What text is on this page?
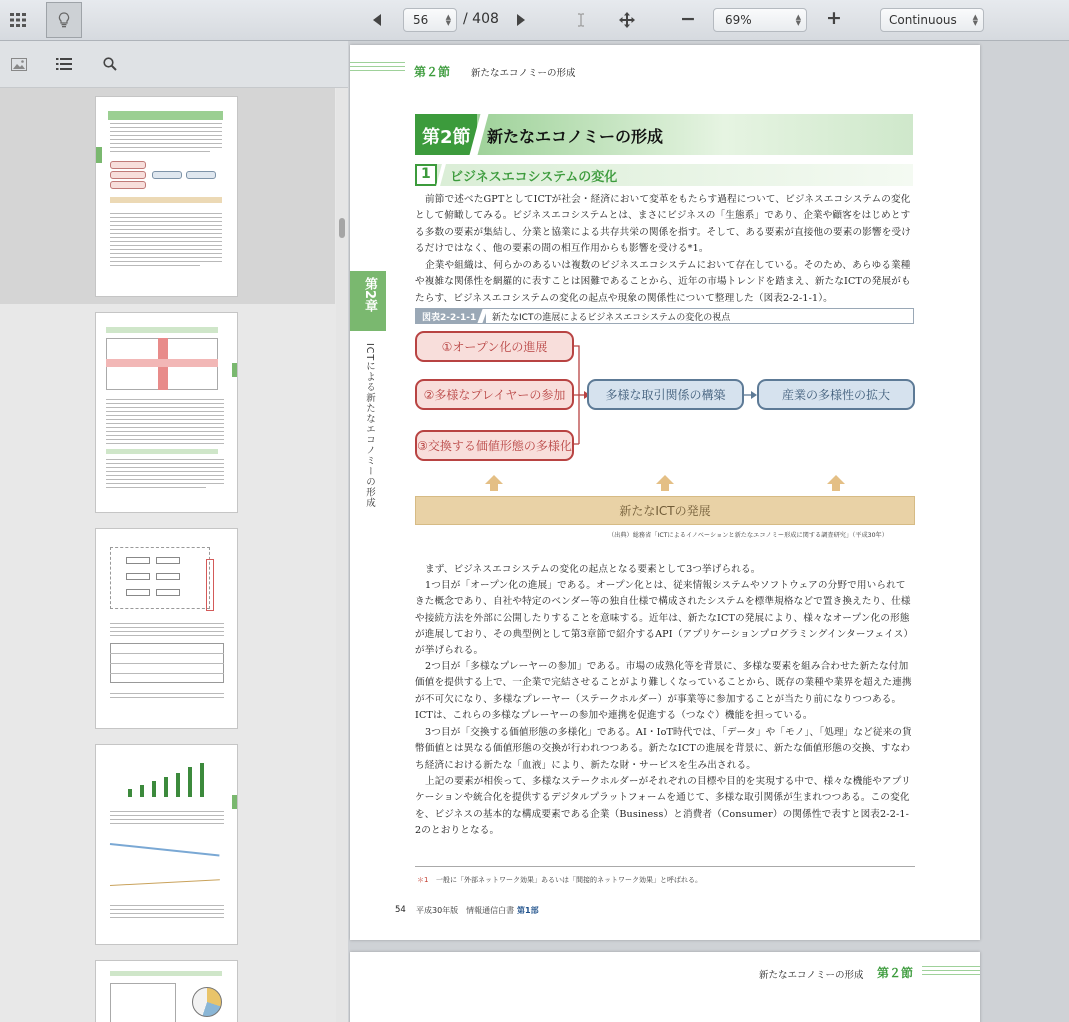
56 ▲
▼ / 408	− 69%	▲
▼ +	Continuous ▲
▼
第２節 新たなエコノミーの形成
第2節 新たなエコノミーの形成
1 ビジネスエコシステムの変化
前節で述べたGPTとしてICTが社会・経済において変革をもたらす過程について、ビジネスエコシステムの変化として俯瞰してみる。ビジネスエコシステムとは、まさにビジネスの「生態系」であり、企業や顧客をはじめとする多数の要素が集結し、分業と協業による共存共栄の関係を指す。そして、ある要素が直接他の要素の影響を受けるだけではなく、他の要素の間の相互作用からも影響を受ける*1。
企業や組織は、何らかのあるいは複数のビジネスエコシステムにおいて存在している。そのため、あらゆる業種や複雑な関係性を網羅的に表すことは困難であることから、近年の市場トレンドを踏まえ、新たなICTの発展がもたらす、ビジネスエコシステムの変化の起点や現象の関係性について整理した（図表2-2-1-1）。
第2章
ICTによる新たなエコノミーの形成
図表2-2-1-1 新たなICTの進展によるビジネスエコシステムの変化の視点
①オープン化の進展
②多様なプレイヤーの参加
③交換する価値形態の多様化
多様な取引関係の構築	産業の多様性の拡大
新たなICTの発展
（出典）総務省「ICTによるイノベーションと新たなエコノミー形成に関する調査研究」（平成30年）
まず、ビジネスエコシステムの変化の起点となる要素として3つ挙げられる。
1つ目が「オープン化の進展」である。オープン化とは、従来情報システムやソフトウェアの分野で用いられてきた概念であり、自社や特定のベンダー等の独自仕様で構成されたシステムを標準規格などで置き換えたり、仕様や接続方法を外部に公開したりすることを意味する。近年は、新たなICTの発展により、様々なオープン化の形態が進展しており、その典型例として第3章節で紹介するAPI（アプリケーションプログラミングインターフェイス）が挙げられる。
2つ目が「多様なプレーヤーの参加」である。市場の成熟化等を背景に、多様な要素を組み合わせた新たな付加価値を提供する上で、一企業で完結させることがより難しくなっていることから、既存の業種や業界を超えた連携が不可欠になり、多様なプレーヤー（ステークホルダー）が事業等に参加することが当たり前になりつつある。ICTは、これらの多様なプレーヤーの参加や連携を促進する（つなぐ）機能を担っている。
3つ目が「交換する価値形態の多様化」である。AI・IoT時代では、「データ」や「モノ」、「処理」など従来の貨幣価値とは異なる価値形態の交換が行われつつある。新たなICTの進展を背景に、新たな価値形態の交換、すなわち経済における新たな「血液」により、新たな財・サービスを生み出される。
上記の要素が相俟って、多様なステークホルダーがそれぞれの目標や目的を実現する中で、様々な機能やアプリケーションや統合化を提供するデジタルプラットフォームを通じて、多様な取引関係が生まれつつある。この変化を、ビジネスの基本的な構成要素である企業（Business）と消費者（Consumer）の関係性で表すと図表2-2-1-2のとおりとなる。
＊1 一般に「外部ネットワーク効果」あるいは「間接的ネットワーク効果」と呼ばれる。
54 平成30年版　情報通信白書 第1部
新たなエコノミーの形成 第２節
